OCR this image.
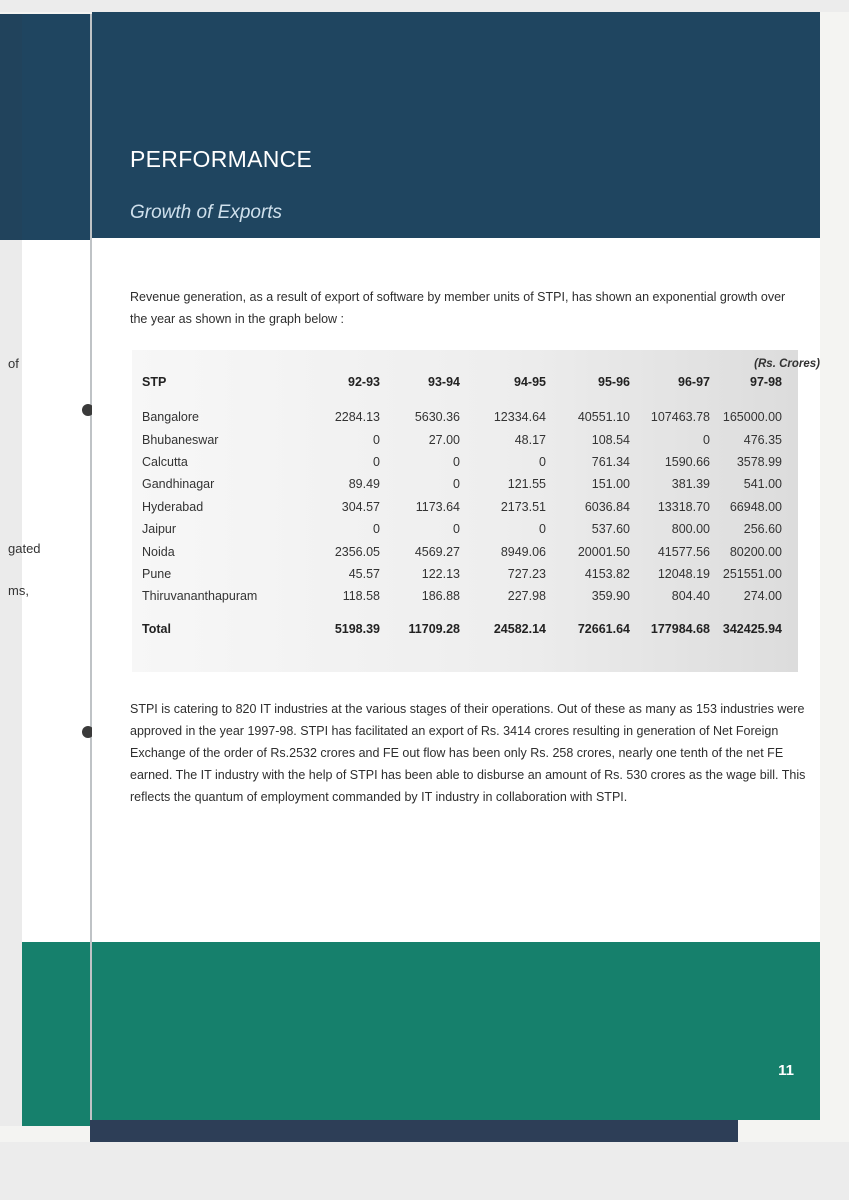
of
gated
ms,
PERFORMANCE
Growth of Exports

Revenue generation, as a result of export of software by member units of STPI, has shown an exponential growth over the year as shown in the graph below :

(Rs. Crores)
STP	92-93	93-94	94-95	95-96	96-97	97-98

Bangalore	2284.13	5630.36	12334.64	40551.10	107463.78	165000.00
Bhubaneswar	0	27.00	48.17	108.54	0	476.35
Calcutta	0	0	0	761.34	1590.66	3578.99
Gandhinagar	89.49	0	121.55	151.00	381.39	541.00
Hyderabad	304.57	1173.64	2173.51	6036.84	13318.70	66948.00
Jaipur	0	0	0	537.60	800.00	256.60
Noida	2356.05	4569.27	8949.06	20001.50	41577.56	80200.00
Pune	45.57	122.13	727.23	4153.82	12048.19	251551.00
Thiruvananthapuram	118.58	186.88	227.98	359.90	804.40	274.00

Total	5198.39	11709.28	24582.14	72661.64	177984.68	342425.94

STPI is catering to 820 IT industries at the various stages of their operations. Out of these as many as 153 industries were approved in the year 1997-98. STPI has facilitated an export of Rs. 3414 crores resulting in generation of Net Foreign Exchange of the order of Rs.2532 crores and FE out flow has been only Rs. 258 crores, nearly one tenth of the net FE earned. The IT industry with the help of STPI has been able to disburse an amount of Rs. 530 crores as the wage bill. This reflects the quantum of employment commanded by IT industry in collaboration with STPI.

11
